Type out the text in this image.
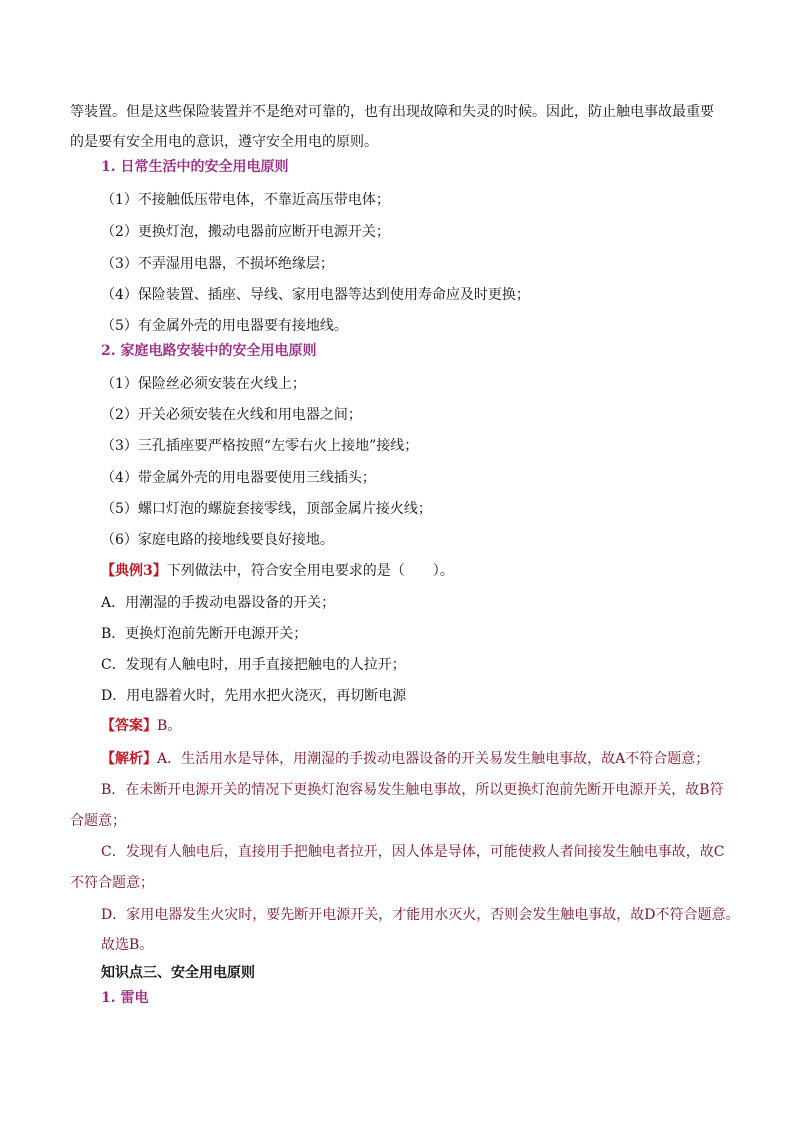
等装置。但是这些保险装置并不是绝对可靠的，也有出现故障和失灵的时候。因此，防止触电事故最重要
的是要有安全用电的意识，遵守安全用电的原则。
1. 日常生活中的安全用电原则
（1）不接触低压带电体，不靠近高压带电体；
（2）更换灯泡，搬动电器前应断开电源开关；
（3）不弄湿用电器，不损坏绝缘层；
（4）保险装置、插座、导线、家用电器等达到使用寿命应及时更换；
（5）有金属外壳的用电器要有接地线。
2. 家庭电路安装中的安全用电原则
（1）保险丝必须安装在火线上；
（2）开关必须安装在火线和用电器之间；
（3）三孔插座要严格按照“左零右火上接地”接线；
（4）带金属外壳的用电器要使用三线插头；
（5）螺口灯泡的螺旋套接零线，顶部金属片接火线；
（6）家庭电路的接地线要良好接地。
【典例3】下列做法中，符合安全用电要求的是（　　）。
A．用潮湿的手拨动电器设备的开关；
B．更换灯泡前先断开电源开关；
C．发现有人触电时，用手直接把触电的人拉开；
D．用电器着火时，先用水把火浇灭，再切断电源
【答案】B。
【解析】A．生活用水是导体，用潮湿的手拨动电器设备的开关易发生触电事故，故A不符合题意；
B．在未断开电源开关的情况下更换灯泡容易发生触电事故，所以更换灯泡前先断开电源开关，故B符
合题意；
C．发现有人触电后，直接用手把触电者拉开，因人体是导体，可能使救人者间接发生触电事故，故C
不符合题意；
D．家用电器发生火灾时，要先断开电源开关，才能用水灭火，否则会发生触电事故，故D不符合题意。
故选B。
知识点三、安全用电原则
1. 雷电
